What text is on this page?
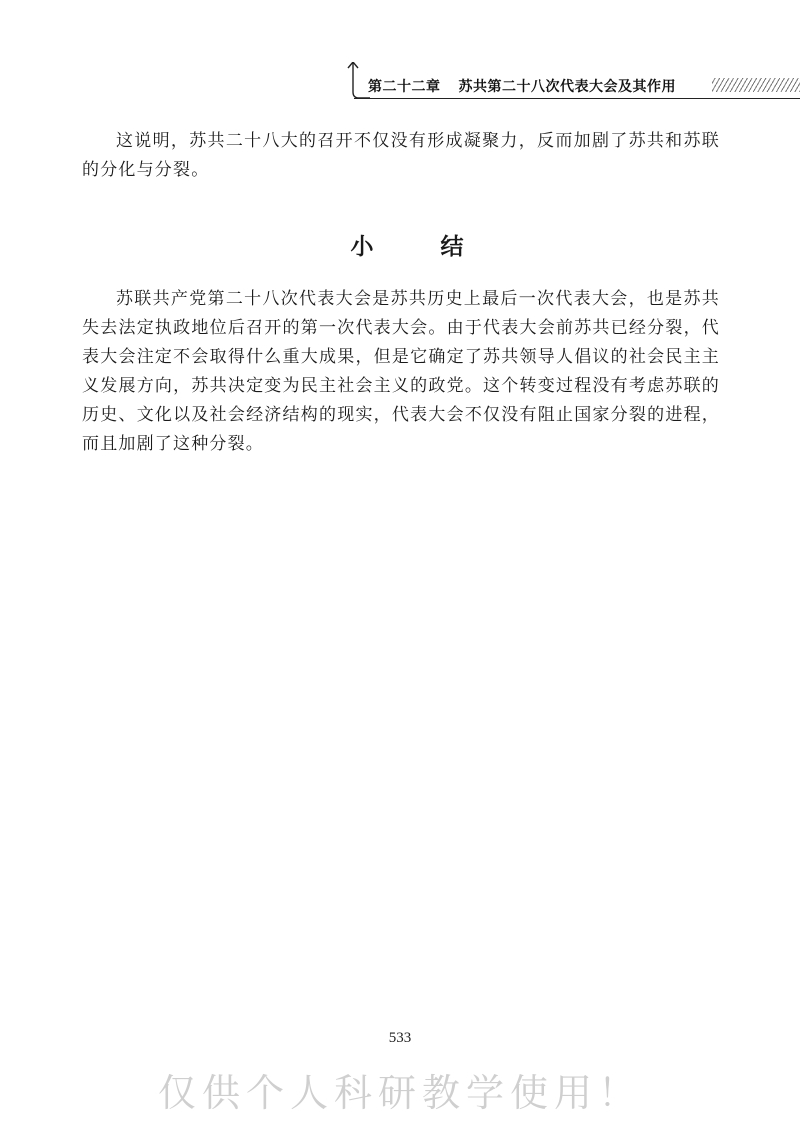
第二十二章 苏共第二十八次代表大会及其作用

这说明，苏共二十八大的召开不仅没有形成凝聚力，反而加剧了苏共和苏联的分化与分裂。

小　结

苏联共产党第二十八次代表大会是苏共历史上最后一次代表大会，也是苏共失去法定执政地位后召开的第一次代表大会。由于代表大会前苏共已经分裂，代表大会注定不会取得什么重大成果，但是它确定了苏共领导人倡议的社会民主主义发展方向，苏共决定变为民主社会主义的政党。这个转变过程没有考虑苏联的历史、文化以及社会经济结构的现实，代表大会不仅没有阻止国家分裂的进程，而且加剧了这种分裂。

533
仅供个人科研教学使用！
